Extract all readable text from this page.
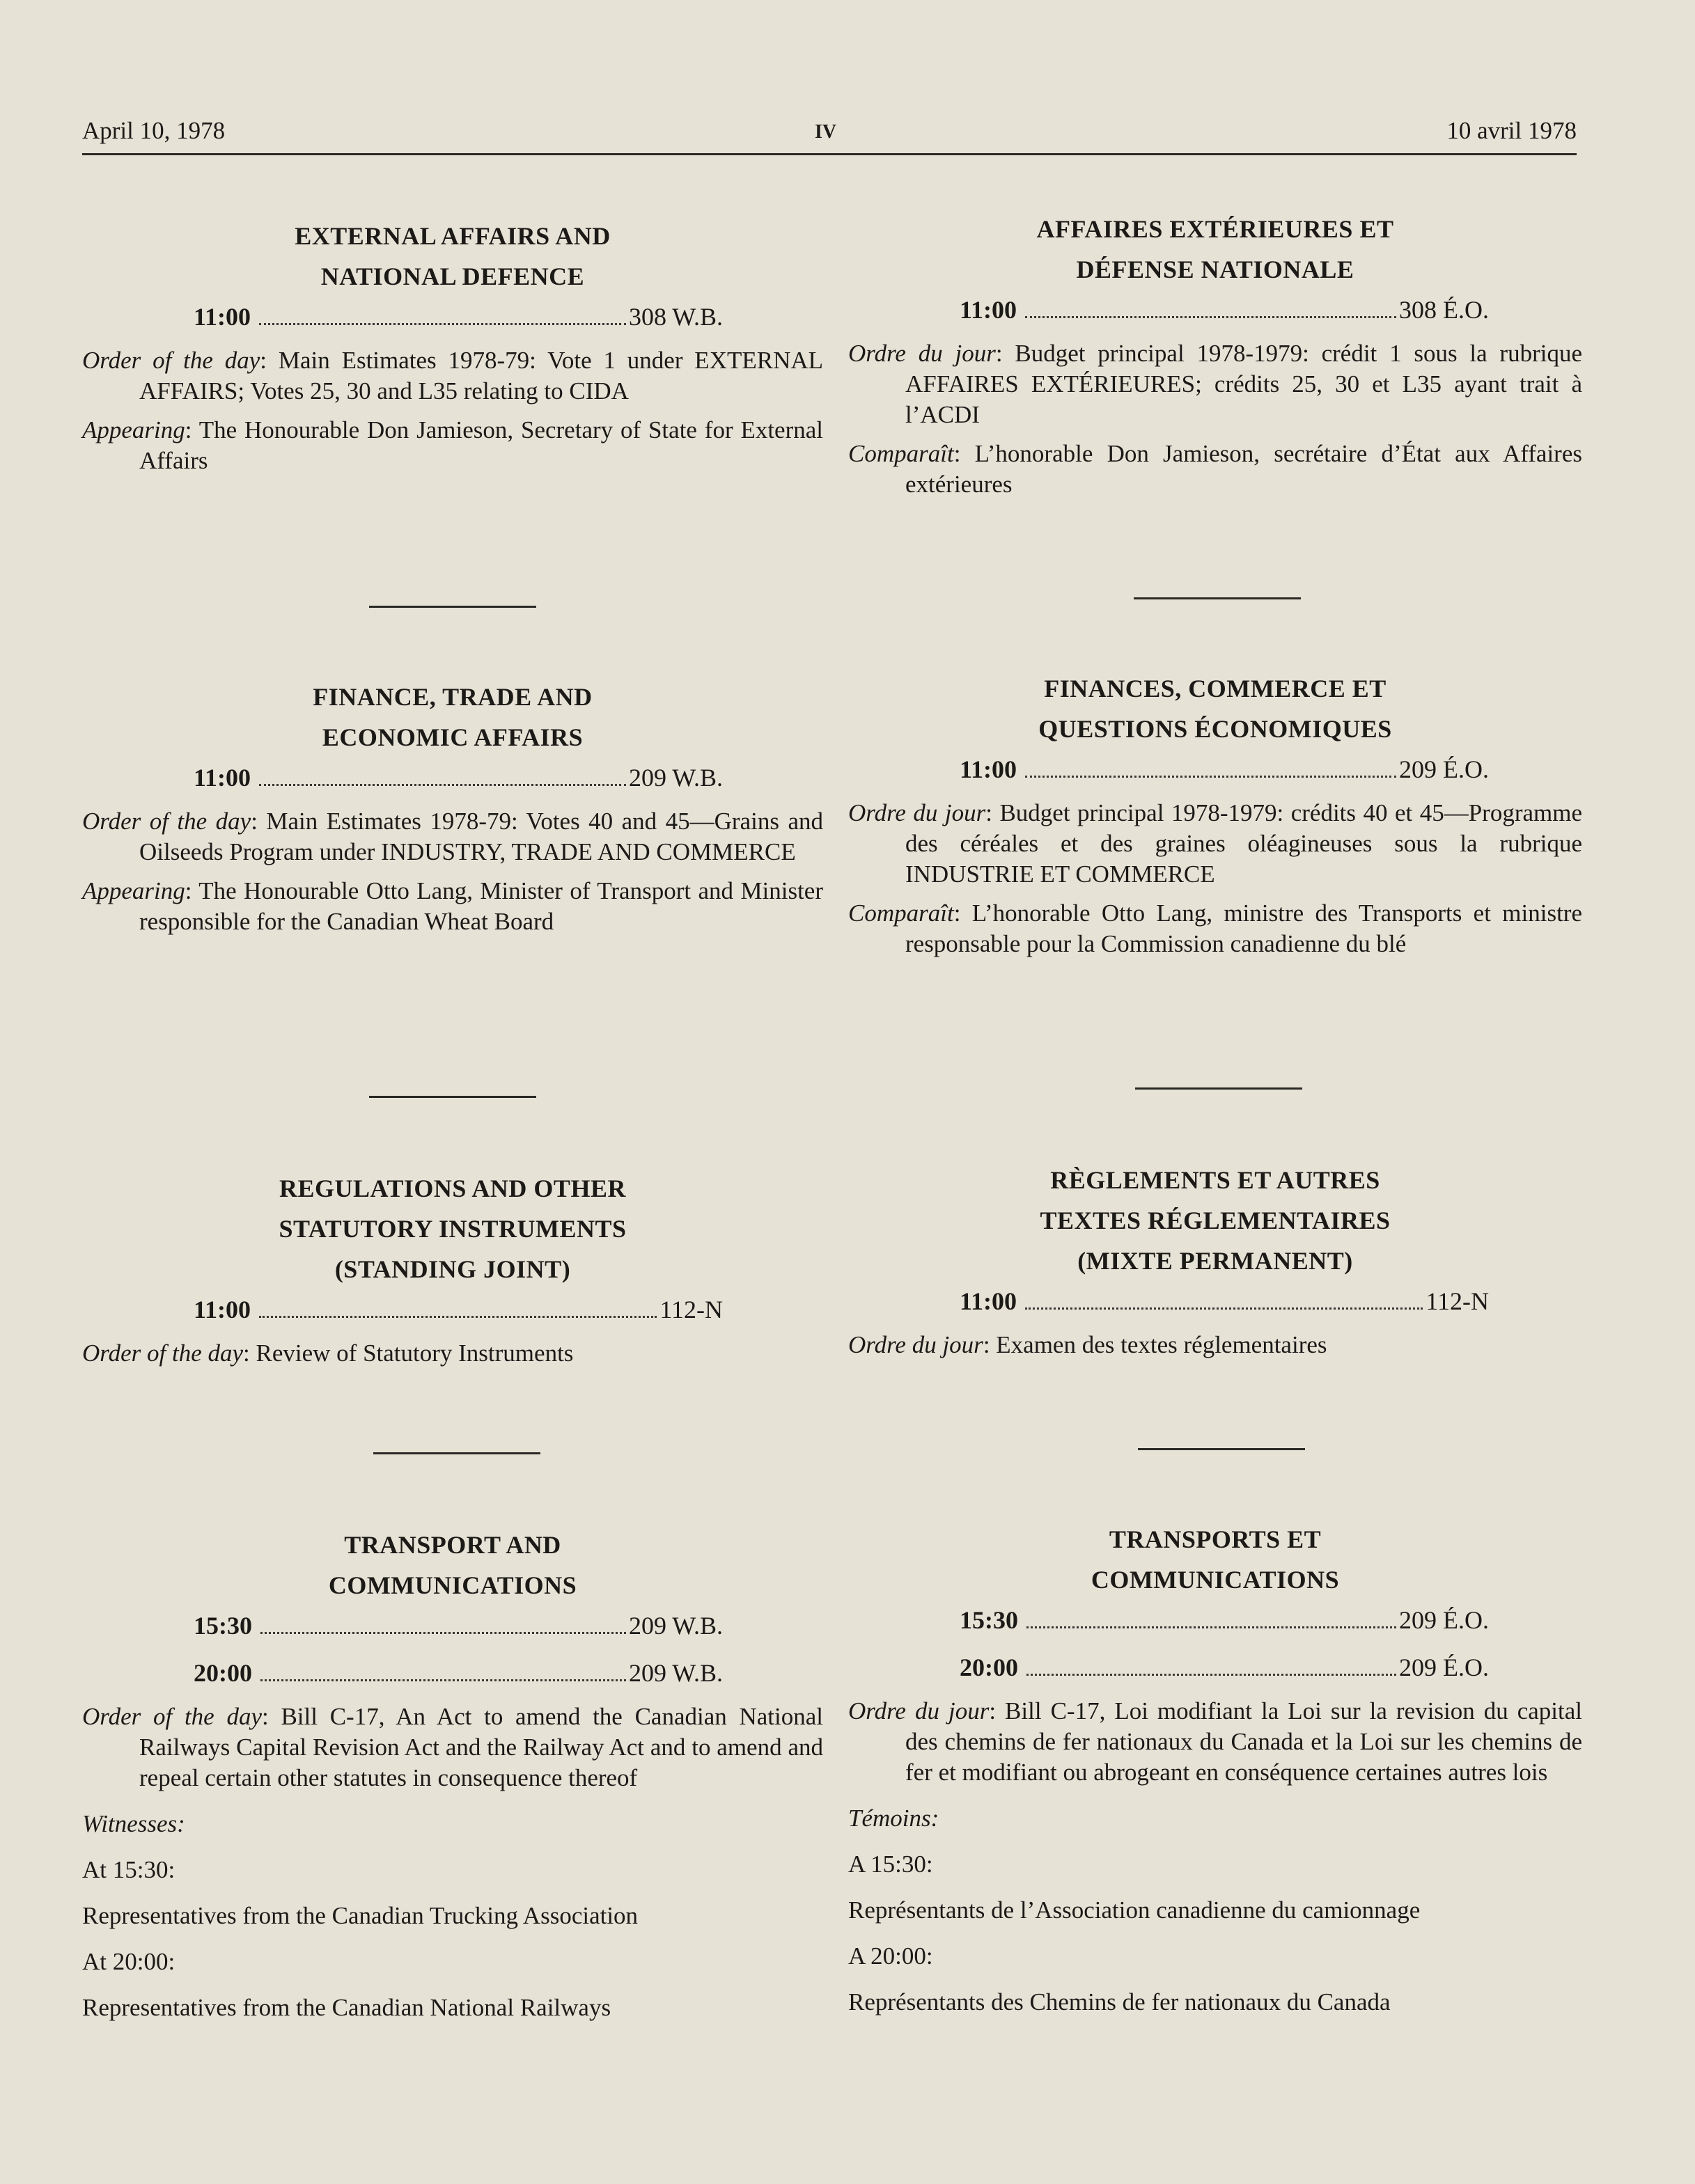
April 10, 1978	IV	10 avril 1978
EXTERNAL AFFAIRS AND
NATIONAL DEFENCE
11:00	308 W.B.
Order of the day: Main Estimates 1978-79: Vote 1 under EXTERNAL AFFAIRS; Votes 25, 30 and L35 relating to CIDA
Appearing: The Honourable Don Jamieson, Secretary of State for External Affairs
FINANCE, TRADE AND
ECONOMIC AFFAIRS
11:00	209 W.B.
Order of the day: Main Estimates 1978-79: Votes 40 and 45—Grains and Oilseeds Program under INDUSTRY, TRADE AND COMMERCE
Appearing: The Honourable Otto Lang, Minister of Transport and Minister responsible for the Canadian Wheat Board
REGULATIONS AND OTHER
STATUTORY INSTRUMENTS
(STANDING JOINT)
11:00	112-N
Order of the day: Review of Statutory Instruments
TRANSPORT AND
COMMUNICATIONS
15:30	209 W.B.
20:00	209 W.B.
Order of the day: Bill C-17, An Act to amend the Canadian National Railways Capital Revision Act and the Railway Act and to amend and repeal certain other statutes in consequence thereof
Witnesses:
At 15:30:
Representatives from the Canadian Trucking Association
At 20:00:
Representatives from the Canadian National Railways
AFFAIRES EXTÉRIEURES ET
DÉFENSE NATIONALE
11:00	308 É.O.
Ordre du jour: Budget principal 1978-1979: crédit 1 sous la rubrique AFFAIRES EXTÉRIEURES; crédits 25, 30 et L35 ayant trait à l’ACDI
Comparaît: L’honorable Don Jamieson, secrétaire d’État aux Affaires extérieures
FINANCES, COMMERCE ET
QUESTIONS ÉCONOMIQUES
11:00	209 É.O.
Ordre du jour: Budget principal 1978-1979: crédits 40 et 45—Programme des céréales et des graines oléagineuses sous la rubrique INDUSTRIE ET COMMERCE
Comparaît: L’honorable Otto Lang, ministre des Transports et ministre responsable pour la Commission canadienne du blé
RÈGLEMENTS ET AUTRES
TEXTES RÉGLEMENTAIRES
(MIXTE PERMANENT)
11:00	112-N
Ordre du jour: Examen des textes réglementaires
TRANSPORTS ET
COMMUNICATIONS
15:30	209 É.O.
20:00	209 É.O.
Ordre du jour: Bill C-17, Loi modifiant la Loi sur la revision du capital des chemins de fer nationaux du Canada et la Loi sur les chemins de fer et modifiant ou abrogeant en conséquence certaines autres lois
Témoins:
A 15:30:
Représentants de l’Association canadienne du camionnage
A 20:00:
Représentants des Chemins de fer nationaux du Canada
